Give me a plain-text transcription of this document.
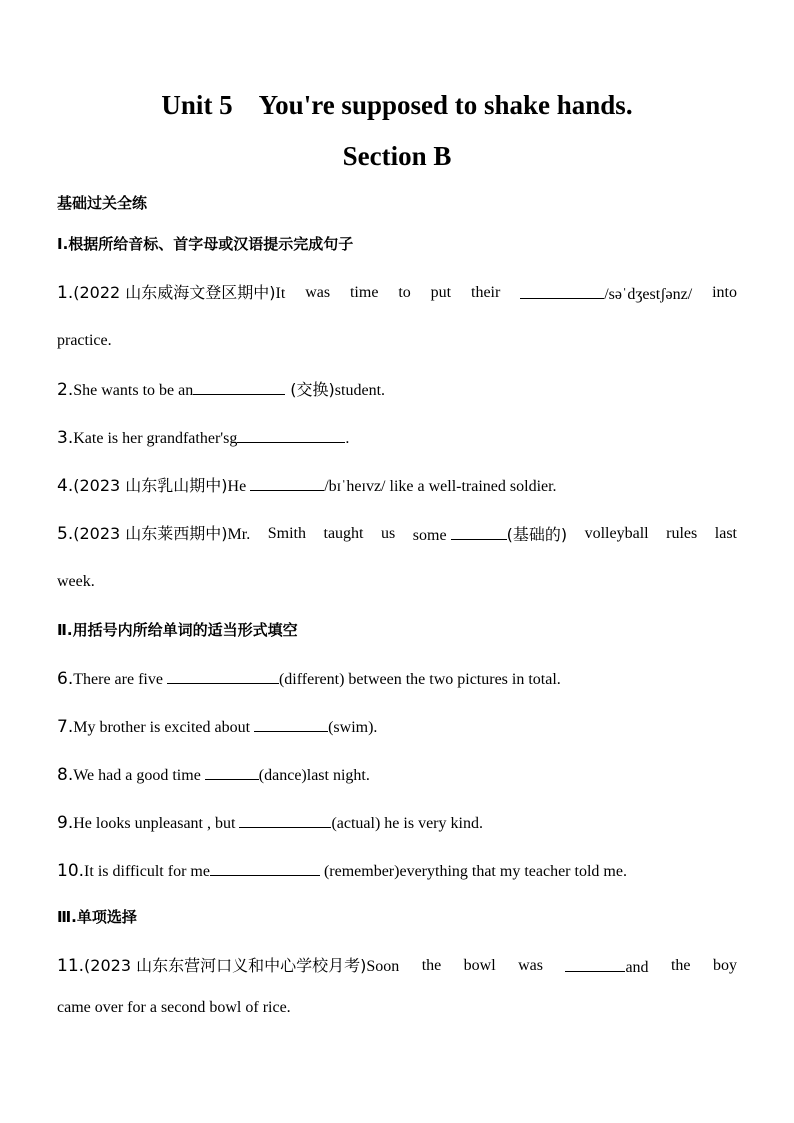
Unit 5    You're supposed to shake hands.
Section B
基础过关全练
Ⅰ.根据所给音标、首字母或汉语提示完成句子
1.(2022 山东威海文登区期中)It was time to put their	/səˈdʒestʃənz/ into
practice.
2.She wants to be an	(交换)student.
3.Kate is her grandfather'sg	.
4.(2023 山东乳山期中)He	/bɪˈheɪvz/ like a well-trained soldier.
5.(2023 山东莱西期中)Mr. Smith taught us some	(基础的) volleyball rules last
week.
Ⅱ.用括号内所给单词的适当形式填空
6.There are five	(different) between the two pictures in total.
7.My brother is excited about	(swim).
8.We had a good time	(dance)last night.
9.He looks unpleasant , but	(actual) he is very kind.
10.It is difficult for me	(remember)everything that my teacher told me.
Ⅲ.单项选择
11.(2023 山东东营河口义和中心学校月考)Soon the bowl was	and the boy
came over for a second bowl of rice.
